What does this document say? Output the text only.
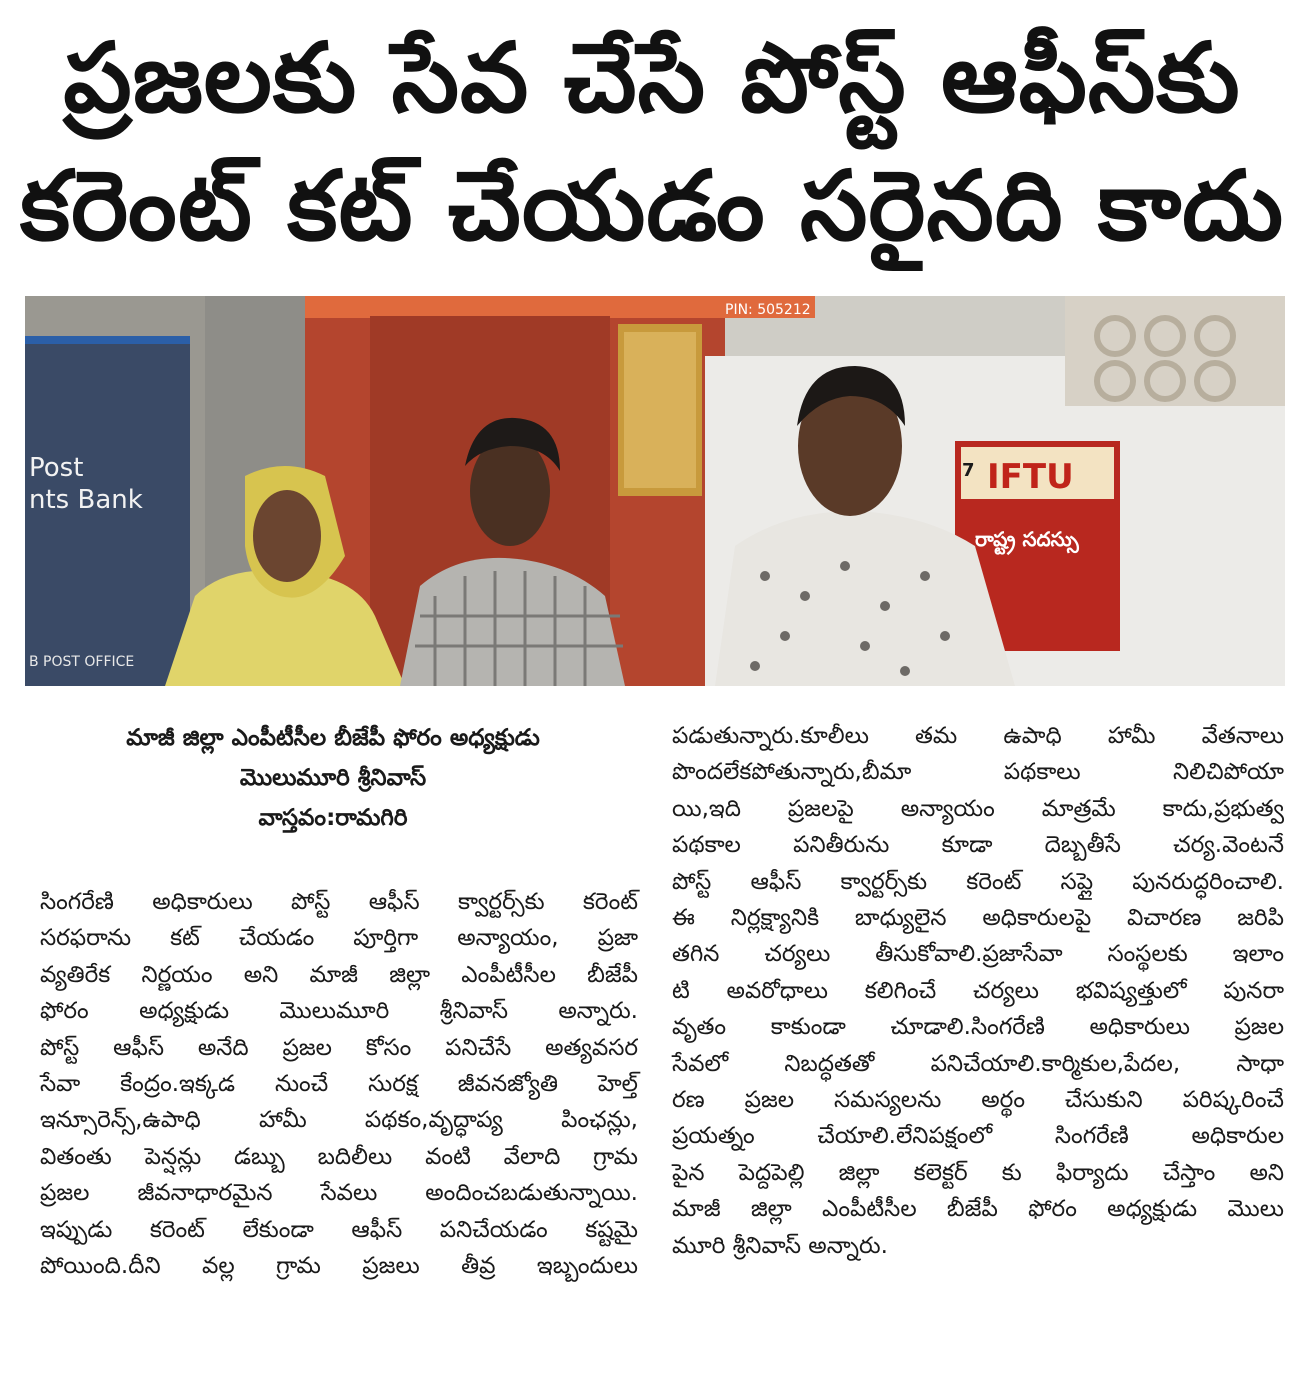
ప్రజలకు సేవ చేసే పోస్ట్ ఆఫీస్‌కు
కరెంట్ కట్ చేయడం సరైనది కాదు
Post
nts Bank
B POST OFFICE
PIN: 505212
IFTU
7
రాష్ట్ర సదస్సు
మాజీ జిల్లా ఎంపీటీసీల బీజేపీ ఫోరం అధ్యక్షుడు
మొలుమూరి శ్రీనివాస్
వాస్తవం:రామగిరి
సింగరేణి అధికారులు పోస్ట్ ఆఫీస్ క్వార్టర్స్‌కు కరెంట్
సరఫరాను కట్ చేయడం పూర్తిగా అన్యాయం, ప్రజా
వ్యతిరేక నిర్ణయం అని మాజీ జిల్లా ఎంపీటీసీల బీజేపీ
ఫోరం అధ్యక్షుడు మొలుమూరి శ్రీనివాస్ అన్నారు.
పోస్ట్ ఆఫీస్ అనేది ప్రజల కోసం పనిచేసే అత్యవసర
సేవా కేంద్రం.ఇక్కడ నుంచే సురక్ష జీవనజ్యోతి హెల్త్
ఇన్సూరెన్స్,ఉపాధి హామీ పథకం,వృద్ధాప్య పింఛన్లు,
వితంతు పెన్షన్లు డబ్బు బదిలీలు వంటి వేలాది గ్రామ
ప్రజల జీవనాధారమైన సేవలు అందించబడుతున్నాయి.
ఇప్పుడు కరెంట్ లేకుండా ఆఫీస్ పనిచేయడం కష్టమై
పోయింది.దీని వల్ల గ్రామ ప్రజలు తీవ్ర ఇబ్బందులు
పడుతున్నారు.కూలీలు తమ ఉపాధి హామీ వేతనాలు
పొందలేకపోతున్నారు,బీమా పథకాలు నిలిచిపోయా
యి,ఇది ప్రజలపై అన్యాయం మాత్రమే కాదు,ప్రభుత్వ
పథకాల పనితీరును కూడా దెబ్బతీసే చర్య.వెంటనే
పోస్ట్ ఆఫీస్ క్వార్టర్స్‌కు కరెంట్ సప్లై పునరుద్ధరించాలి.
ఈ నిర్లక్ష్యానికి బాధ్యులైన అధికారులపై విచారణ జరిపి
తగిన చర్యలు తీసుకోవాలి.ప్రజాసేవా సంస్థలకు ఇలాం
టి అవరోధాలు కలిగించే చర్యలు భవిష్యత్తులో పునరా
వృతం కాకుండా చూడాలి.సింగరేణి అధికారులు ప్రజల
సేవలో నిబద్ధతతో పనిచేయాలి.కార్మికుల,పేదల, సాధా
రణ ప్రజల సమస్యలను అర్థం చేసుకుని పరిష్కరించే
ప్రయత్నం చేయాలి.లేనిపక్షంలో సింగరేణి అధికారుల
పైన పెద్దపెల్లి జిల్లా కలెక్టర్ కు ఫిర్యాదు చేస్తాం అని
మాజీ జిల్లా ఎంపీటీసీల బీజేపీ ఫోరం అధ్యక్షుడు మొలు
మూరి శ్రీనివాస్ అన్నారు.
